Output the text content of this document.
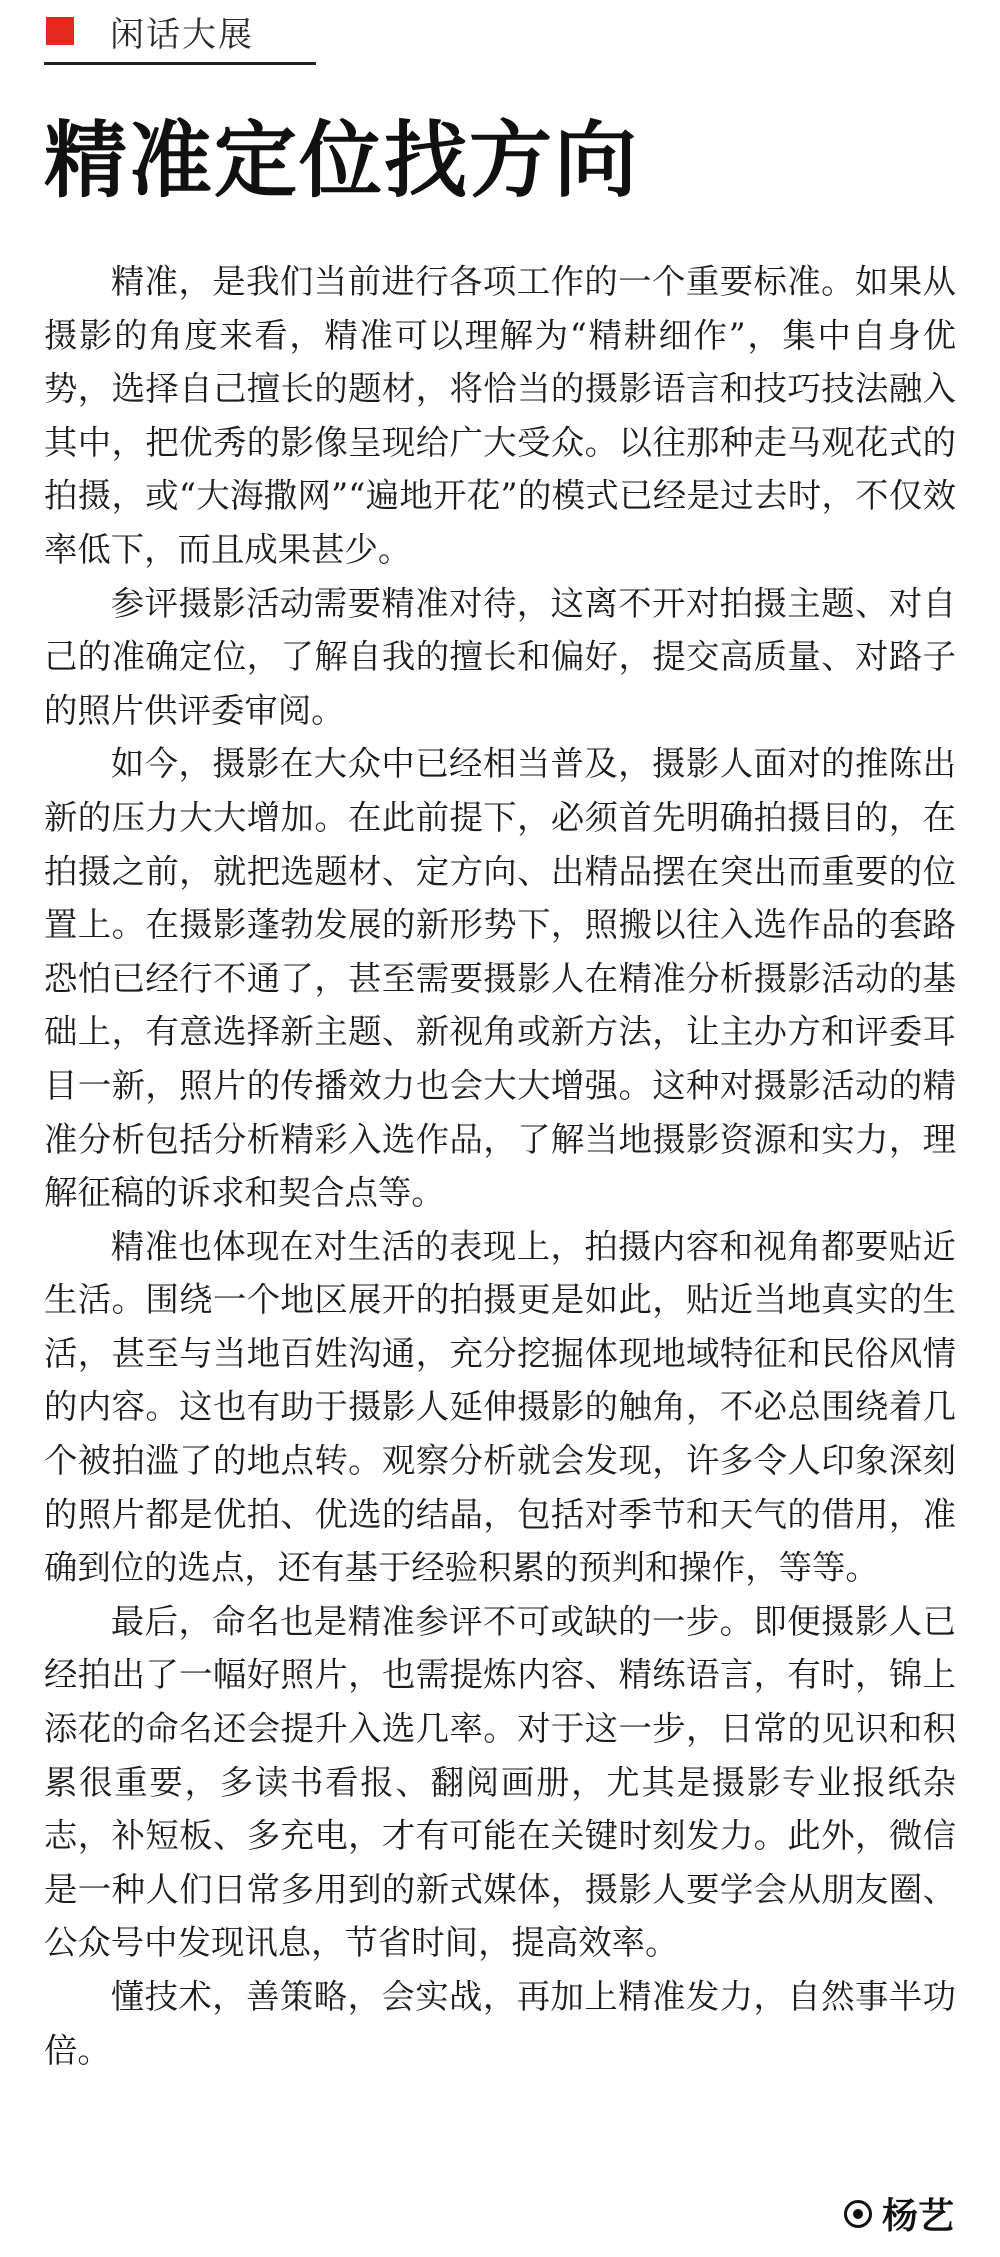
闲话大展
精准定位找方向

精准，是我们当前进行各项工作的一个重要标准。如果从摄影的角度来看，精准可以理解为“精耕细作”，集中自身优势，选择自己擅长的题材，将恰当的摄影语言和技巧技法融入其中，把优秀的影像呈现给广大受众。以往那种走马观花式的拍摄，或“大海撒网”“遍地开花”的模式已经是过去时，不仅效率低下，而且成果甚少。

参评摄影活动需要精准对待，这离不开对拍摄主题、对自己的准确定位，了解自我的擅长和偏好，提交高质量、对路子的照片供评委审阅。

如今，摄影在大众中已经相当普及，摄影人面对的推陈出新的压力大大增加。在此前提下，必须首先明确拍摄目的，在拍摄之前，就把选题材、定方向、出精品摆在突出而重要的位置上。在摄影蓬勃发展的新形势下，照搬以往入选作品的套路恐怕已经行不通了，甚至需要摄影人在精准分析摄影活动的基础上，有意选择新主题、新视角或新方法，让主办方和评委耳目一新，照片的传播效力也会大大增强。这种对摄影活动的精准分析包括分析精彩入选作品，了解当地摄影资源和实力，理解征稿的诉求和契合点等。

精准也体现在对生活的表现上，拍摄内容和视角都要贴近生活。围绕一个地区展开的拍摄更是如此，贴近当地真实的生活，甚至与当地百姓沟通，充分挖掘体现地域特征和民俗风情的内容。这也有助于摄影人延伸摄影的触角，不必总围绕着几个被拍滥了的地点转。观察分析就会发现，许多令人印象深刻的照片都是优拍、优选的结晶，包括对季节和天气的借用，准确到位的选点，还有基于经验积累的预判和操作，等等。

最后，命名也是精准参评不可或缺的一步。即便摄影人已经拍出了一幅好照片，也需提炼内容、精练语言，有时，锦上添花的命名还会提升入选几率。对于这一步，日常的见识和积累很重要，多读书看报、翻阅画册，尤其是摄影专业报纸杂志，补短板、多充电，才有可能在关键时刻发力。此外，微信是一种人们日常多用到的新式媒体，摄影人要学会从朋友圈、公众号中发现讯息，节省时间，提高效率。

懂技术，善策略，会实战，再加上精准发力，自然事半功倍。

杨艺
